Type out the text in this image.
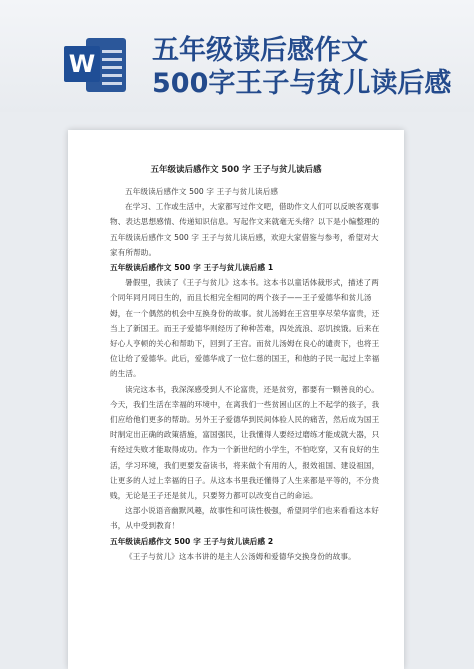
W 五年级读后感作文
500字王子与贫儿读后感
五年级读后感作文 500 字 王子与贫儿读后感

五年级读后感作文 500 字 王子与贫儿读后感

在学习、工作或生活中，大家都写过作文吧，借助作文人们可以反映客观事物、表达思想感情、传递知识信息。写起作文来就毫无头绪？以下是小编整理的五年级读后感作文 500 字 王子与贫儿读后感，欢迎大家借鉴与参考，希望对大家有所帮助。

五年级读后感作文 500 字 王子与贫儿读后感 1

暑假里，我读了《王子与贫儿》这本书。这本书以童话体裁形式，描述了两个同年同月同日生的，而且长相完全相同的两个孩子——王子爱德华和贫儿汤姆，在一个偶然的机会中互换身份的故事。贫儿汤姆在王宫里享尽荣华富贵，还当上了新国王。而王子爱德华则经历了种种苦难，四处流浪、忍饥挨饿。后来在好心人亨顿的关心和帮助下，回到了王宫。而贫儿汤姆在良心的谴责下，也将王位让给了爱德华。此后，爱德华成了一位仁慈的国王，和他的子民一起过上幸福的生活。

读完这本书，我深深感受到人不论富贵，还是贫穷，都要有一颗善良的心。今天，我们生活在幸福的环境中，在离我们一些贫困山区的上不起学的孩子，我们应给他们更多的帮助。另外王子爱德华到民间体验人民的痛苦，然后成为国王时制定出正确的政策措施，富国强民，让我懂得人要经过磨练才能成就大器，只有经过失败才能取得成功。作为一个新世纪的小学生，不怕吃穿，又有良好的生活，学习环境，我们更要发奋读书，将来做个有用的人，报效祖国、建设祖国，让更多的人过上幸福的日子。从这本书里我还懂得了人生来都是平等的，不分贵贱，无论是王子还是贫儿，只要努力都可以改变自己的命运。

这部小说语音幽默风趣，故事性和可读性极强，希望同学们也来看看这本好书，从中受到教育！

五年级读后感作文 500 字 王子与贫儿读后感 2

《王子与贫儿》这本书讲的是主人公汤姆和爱德华交换身份的故事。
